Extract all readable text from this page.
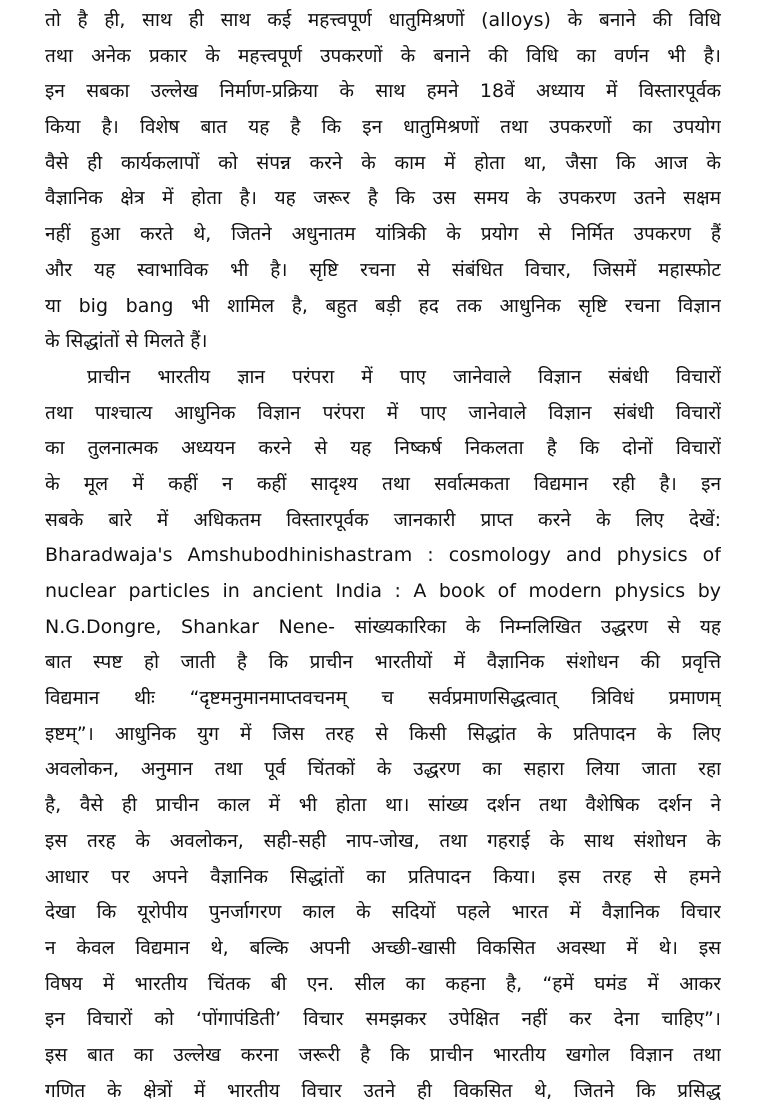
तो है ही, साथ ही साथ कई महत्त्वपूर्ण धातुमिश्रणों (alloys) के बनाने की विधि
तथा अनेक प्रकार के महत्त्वपूर्ण उपकरणों के बनाने की विधि का वर्णन भी है।
इन सबका उल्लेख निर्माण-प्रक्रिया के साथ हमने 18वें अध्याय में विस्तारपूर्वक
किया है। विशेष बात यह है कि इन धातुमिश्रणों तथा उपकरणों का उपयोग
वैसे ही कार्यकलापों को संपन्न करने के काम में होता था, जैसा कि आज के
वैज्ञानिक क्षेत्र में होता है। यह जरूर है कि उस समय के उपकरण उतने सक्षम
नहीं हुआ करते थे, जितने अधुनातम यांत्रिकी के प्रयोग से निर्मित उपकरण हैं
और यह स्वाभाविक भी है। सृष्टि रचना से संबंधित विचार, जिसमें महास्फोट
या big bang भी शामिल है, बहुत बड़ी हद तक आधुनिक सृष्टि रचना विज्ञान
के सिद्धांतों से मिलते हैं।
प्राचीन भारतीय ज्ञान परंपरा में पाए जानेवाले विज्ञान संबंधी विचारों
तथा पाश्चात्य आधुनिक विज्ञान परंपरा में पाए जानेवाले विज्ञान संबंधी विचारों
का तुलनात्मक अध्ययन करने से यह निष्कर्ष निकलता है कि दोनों विचारों
के मूल में कहीं न कहीं सादृश्य तथा सर्वात्मकता विद्यमान रही है। इन
सबके बारे में अधिकतम विस्तारपूर्वक जानकारी प्राप्त करने के लिए देखें:
Bharadwaja's Amshubodhinishastram : cosmology and physics of
nuclear particles in ancient India : A book of modern physics by
N.G.Dongre, Shankar Nene- सांख्यकारिका के निम्नलिखित उद्धरण से यह
बात स्पष्ट हो जाती है कि प्राचीन भारतीयों में वैज्ञानिक संशोधन की प्रवृत्ति
विद्यमान थीः “दृष्टमनुमानमाप्तवचनम् च सर्वप्रमाणसिद्धत्वात् त्रिविधं प्रमाणम्
इष्टम्”। आधुनिक युग में जिस तरह से किसी सिद्धांत के प्रतिपादन के लिए
अवलोकन, अनुमान तथा पूर्व चिंतकों के उद्धरण का सहारा लिया जाता रहा
है, वैसे ही प्राचीन काल में भी होता था। सांख्य दर्शन तथा वैशेषिक दर्शन ने
इस तरह के अवलोकन, सही-सही नाप-जोख, तथा गहराई के साथ संशोधन के
आधार पर अपने वैज्ञानिक सिद्धांतों का प्रतिपादन किया। इस तरह से हमने
देखा कि यूरोपीय पुनर्जागरण काल के सदियों पहले भारत में वैज्ञानिक विचार
न केवल विद्यमान थे, बल्कि अपनी अच्छी-खासी विकसित अवस्था में थे। इस
विषय में भारतीय चिंतक बी एन. सील का कहना है, “हमें घमंड में आकर
इन विचारों को ‘पोंगापंडिती’ विचार समझकर उपेक्षित नहीं कर देना चाहिए”।
इस बात का उल्लेख करना जरूरी है कि प्राचीन भारतीय खगोल विज्ञान तथा
गणित के क्षेत्रों में भारतीय विचार उतने ही विकसित थे, जितने कि प्रसिद्ध
